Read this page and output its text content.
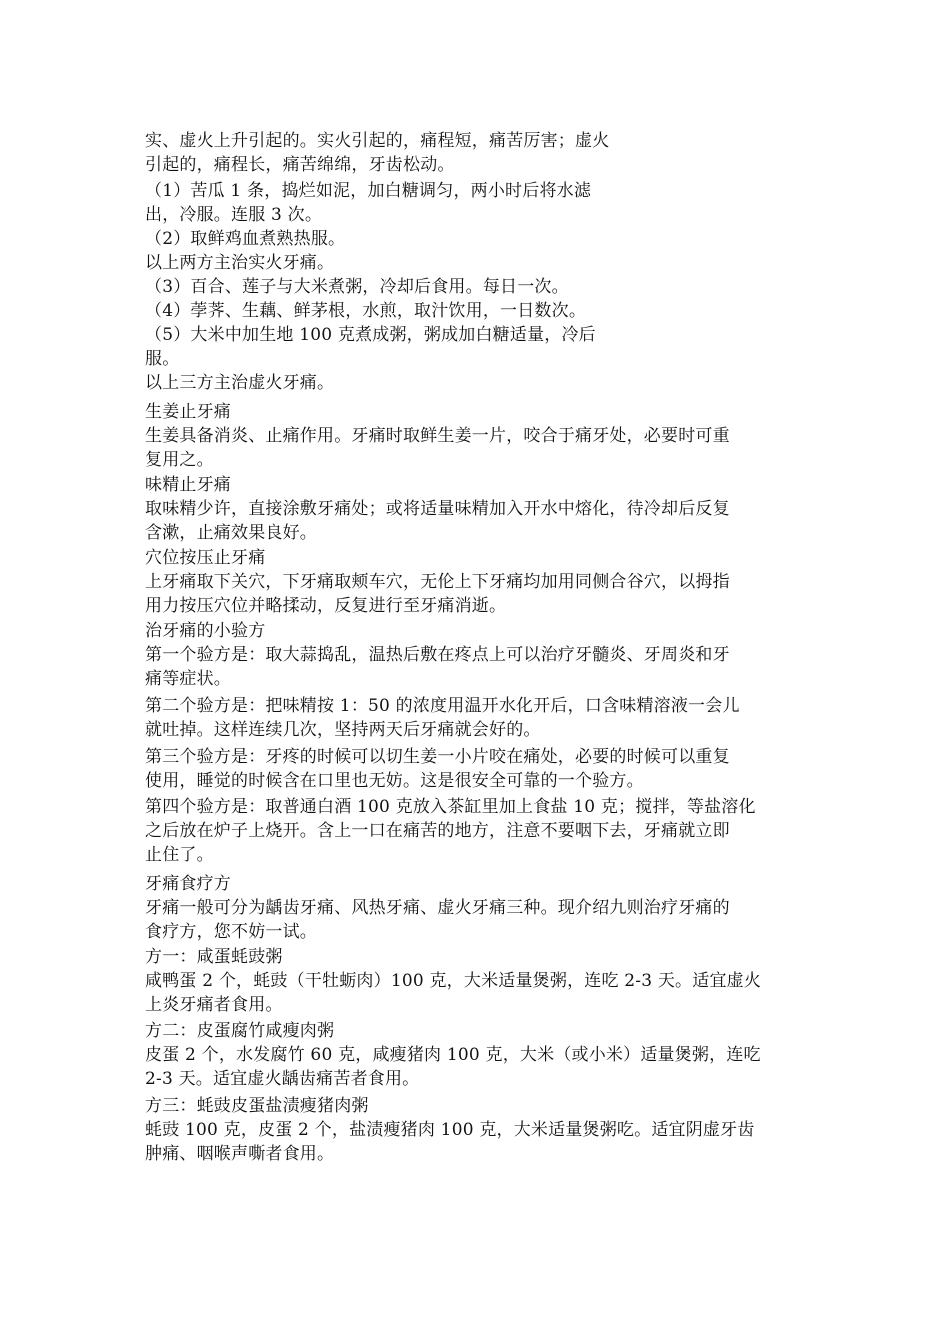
实、虚火上升引起的。实火引起的，痛程短，痛苦厉害；虚火
引起的，痛程长，痛苦绵绵，牙齿松动。
（1）苦瓜 1 条，捣烂如泥，加白糖调匀，两小时后将水滤
出，冷服。连服 3 次。
（2）取鲜鸡血煮熟热服。
以上两方主治实火牙痛。
（3）百合、莲子与大米煮粥，冷却后食用。每日一次。
（4）荸荠、生藕、鲜茅根，水煎，取汁饮用，一日数次。
（5）大米中加生地 100 克煮成粥，粥成加白糖适量，冷后
服。
以上三方主治虚火牙痛。
生姜止牙痛
生姜具备消炎、止痛作用。牙痛时取鲜生姜一片，咬合于痛牙处，必要时可重
复用之。
味精止牙痛
取味精少许，直接涂敷牙痛处；或将适量味精加入开水中熔化，待冷却后反复
含漱，止痛效果良好。
穴位按压止牙痛
上牙痛取下关穴，下牙痛取颊车穴，无伦上下牙痛均加用同侧合谷穴，以拇指
用力按压穴位并略揉动，反复进行至牙痛消逝。
治牙痛的小验方
第一个验方是：取大蒜捣乱，温热后敷在疼点上可以治疗牙髓炎、牙周炎和牙
痛等症状。
第二个验方是：把味精按 1：50 的浓度用温开水化开后，口含味精溶液一会儿
就吐掉。这样连续几次，坚持两天后牙痛就会好的。
第三个验方是：牙疼的时候可以切生姜一小片咬在痛处，必要的时候可以重复
使用，睡觉的时候含在口里也无妨。这是很安全可靠的一个验方。
第四个验方是：取普通白酒 100 克放入茶缸里加上食盐 10 克；搅拌，等盐溶化
之后放在炉子上烧开。含上一口在痛苦的地方，注意不要咽下去，牙痛就立即
止住了。
牙痛食疗方
牙痛一般可分为龋齿牙痛、风热牙痛、虚火牙痛三种。现介绍九则治疗牙痛的
食疗方，您不妨一试。
方一：咸蛋蚝豉粥
咸鸭蛋 2 个，蚝豉（干牡蛎肉）100 克，大米适量煲粥，连吃 2-3 天。适宜虚火
上炎牙痛者食用。
方二：皮蛋腐竹咸瘦肉粥
皮蛋 2 个，水发腐竹 60 克，咸瘦猪肉 100 克，大米（或小米）适量煲粥，连吃
2-3 天。适宜虚火龋齿痛苦者食用。
方三：蚝豉皮蛋盐渍瘦猪肉粥
蚝豉 100 克，皮蛋 2 个，盐渍瘦猪肉 100 克，大米适量煲粥吃。适宜阴虚牙齿
肿痛、咽喉声嘶者食用。
